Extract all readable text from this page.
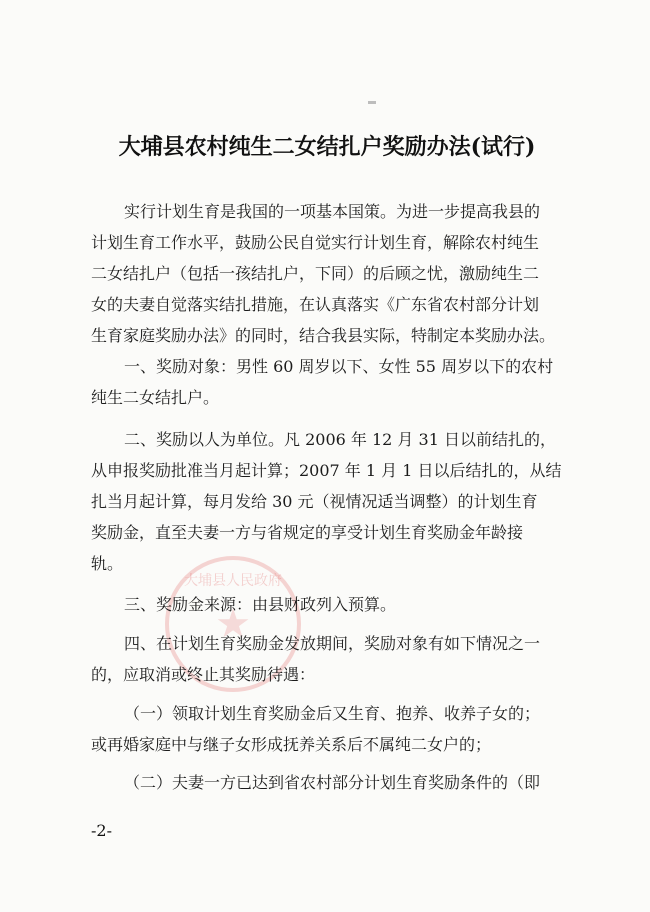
大埔县人民政府
★
大埔县农村纯生二女结扎户奖励办法(试行)

实行计划生育是我国的一项基本国策。为进一步提高我县的

计划生育工作水平，鼓励公民自觉实行计划生育，解除农村纯生

二女结扎户（包括一孩结扎户，下同）的后顾之忧，激励纯生二

女的夫妻自觉落实结扎措施，在认真落实《广东省农村部分计划

生育家庭奖励办法》的同时，结合我县实际，特制定本奖励办法。

一、奖励对象：男性 60 周岁以下、女性 55 周岁以下的农村

纯生二女结扎户。

二、奖励以人为单位。凡 2006 年 12 月 31 日以前结扎的，

从申报奖励批准当月起计算；2007 年 1 月 1 日以后结扎的，从结

扎当月起计算，每月发给 30 元（视情况适当调整）的计划生育

奖励金，直至夫妻一方与省规定的享受计划生育奖励金年龄接

轨。

三、奖励金来源：由县财政列入预算。

四、在计划生育奖励金发放期间，奖励对象有如下情况之一

的，应取消或终止其奖励待遇：

（一）领取计划生育奖励金后又生育、抱养、收养子女的；

或再婚家庭中与继子女形成抚养关系后不属纯二女户的；

（二）夫妻一方已达到省农村部分计划生育奖励条件的（即

-2-
